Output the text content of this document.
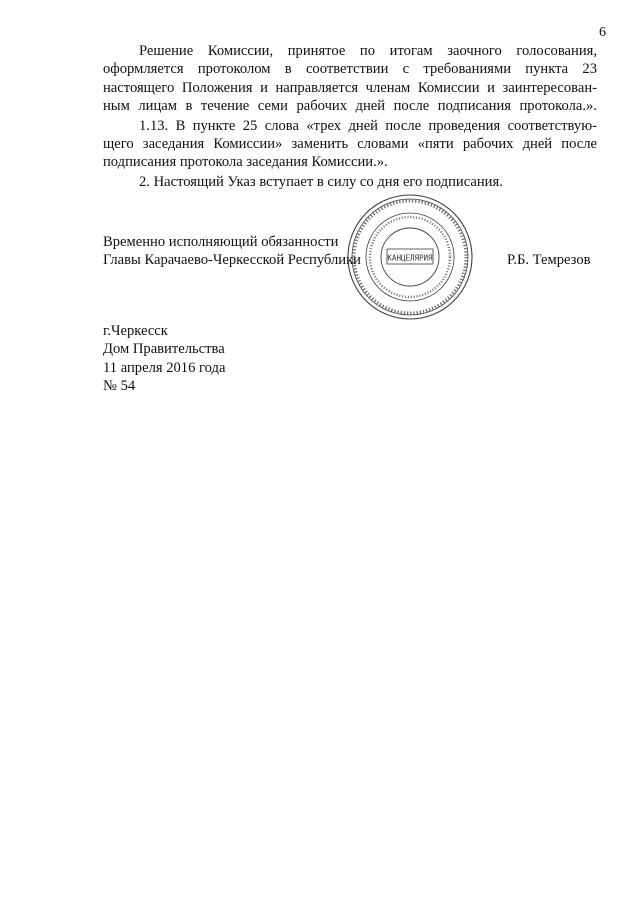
6
Решение Комиссии, принятое по итогам заочного голосования,
оформляется протоколом в соответствии с требованиями пункта 23
настоящего Положения и направляется членам Комиссии и заинтересован-
ным лицам в течение семи рабочих дней после подписания протокола.».
1.13. В пункте 25 слова «трех дней после проведения соответствую-
щего заседания Комиссии» заменить словами «пяти рабочих дней после
подписания протокола заседания Комиссии.».
2. Настоящий Указ вступает в силу со дня его подписания.
КАНЦЕЛЯРИЯ
Временно исполняющий обязанности
Главы Карачаево-Черкесской Республики	Р.Б. Темрезов
г.Черкесск
Дом Правительства
11 апреля 2016 года
№ 54
